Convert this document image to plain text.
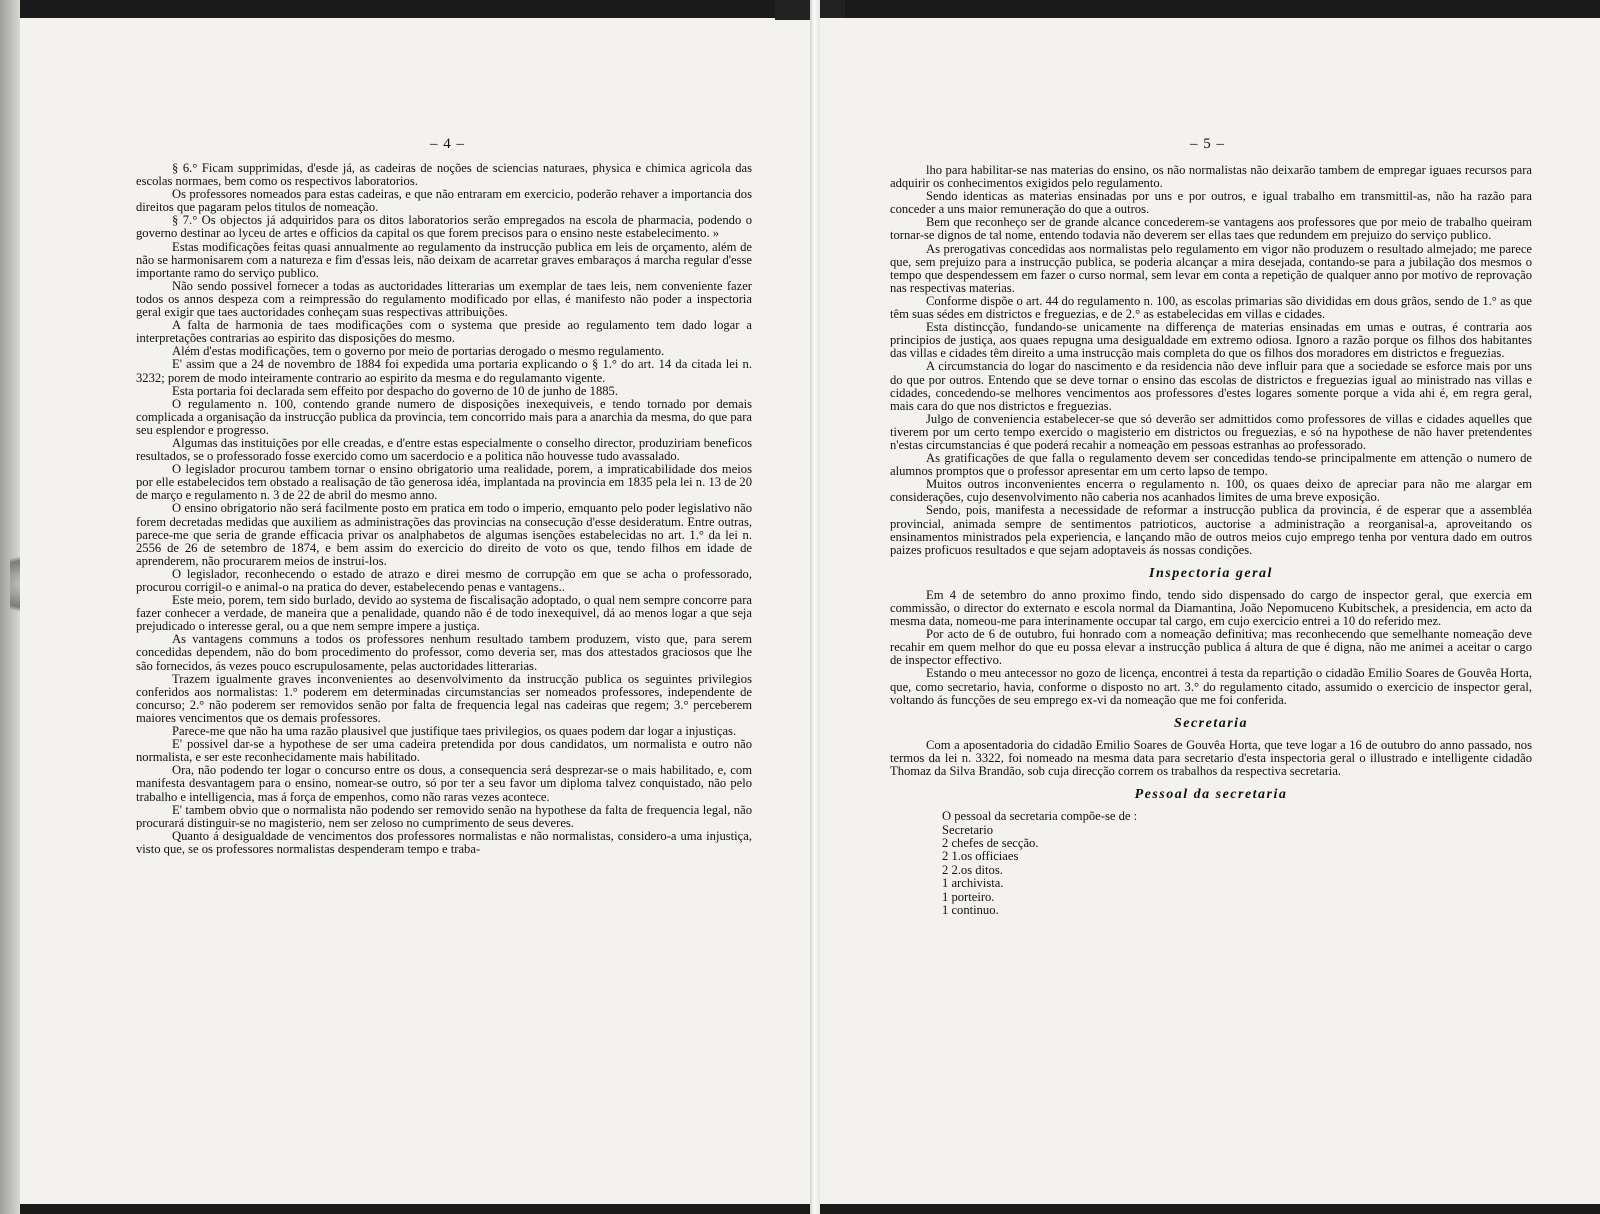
– 4 –

§ 6.° Ficam supprimidas, d'esde já, as cadeiras de noções de sciencias naturaes, physica e chimica agricola das escolas normaes, bem como os respectivos laboratorios.

Os professores nomeados para estas cadeiras, e que não entraram em exercicio, poderão rehaver a importancia dos direitos que pagaram pelos titulos de nomeação.

§ 7.° Os objectos já adquiridos para os ditos laboratorios serão empregados na escola de pharmacia, podendo o governo destinar ao lyceu de artes e officios da capital os que forem precisos para o ensino neste estabelecimento. »

Estas modificações feitas quasi annualmente ao regulamento da instrucção publica em leis de orçamento, além de não se harmonisarem com a natureza e fim d'essas leis, não deixam de acarretar graves embaraços á marcha regular d'esse importante ramo do serviço publico.

Não sendo possivel fornecer a todas as auctoridades litterarias um exemplar de taes leis, nem conveniente fazer todos os annos despeza com a reimpressão do regulamento modificado por ellas, é manifesto não poder a inspectoria geral exigir que taes auctoridades conheçam suas respectivas attribuições.

A falta de harmonia de taes modificações com o systema que preside ao regulamento tem dado logar a interpretações contrarias ao espirito das disposições do mesmo.

Além d'estas modificações, tem o governo por meio de portarias derogado o mesmo regulamento.

E' assim que a 24 de novembro de 1884 foi expedida uma portaria explicando o § 1.° do art. 14 da citada lei n. 3232; porem de modo inteiramente contrario ao espirito da mesma e do regulamanto vigente.

Esta portaria foi declarada sem effeito por despacho do governo de 10 de junho de 1885.

O regulamento n. 100, contendo grande numero de disposições inexequiveis, e tendo tornado por demais complicada a organisação da instrucção publica da provincia, tem concorrido mais para a anarchia da mesma, do que para seu esplendor e progresso.

Algumas das instituições por elle creadas, e d'entre estas especialmente o conselho director, produziriam beneficos resultados, se o professorado fosse exercido como um sacerdocio e a politica não houvesse tudo avassalado.

O legislador procurou tambem tornar o ensino obrigatorio uma realidade, porem, a impraticabilidade dos meios por elle estabelecidos tem obstado a realisação de tão generosa idéa, implantada na provincia em 1835 pela lei n. 13 de 20 de março e regulamento n. 3 de 22 de abril do mesmo anno.

O ensino obrigatorio não será facilmente posto em pratica em todo o imperio, emquanto pelo poder legislativo não forem decretadas medidas que auxiliem as administrações das provincias na consecução d'esse desideratum. Entre outras, parece-me que seria de grande efficacia privar os analphabetos de algumas isenções estabelecidas no art. 1.° da lei n. 2556 de 26 de setembro de 1874, e bem assim do exercicio do direito de voto os que, tendo filhos em idade de aprenderem, não procurarem meios de instrui-los.

O legislador, reconhecendo o estado de atrazo e direi mesmo de corrupção em que se acha o professorado, procurou corrigil-o e animal-o na pratica do dever, estabelecendo penas e vantagens..

Este meio, porem, tem sido burlado, devido ao systema de fiscalisação adoptado, o qual nem sempre concorre para fazer conhecer a verdade, de maneira que a penalidade, quando não é de todo inexequivel, dá ao menos logar a que seja prejudicado o interesse geral, ou a que nem sempre impere a justiça.

As vantagens communs a todos os professores nenhum resultado tambem produzem, visto que, para serem concedidas dependem, não do bom procedimento do professor, como deveria ser, mas dos attestados graciosos que lhe são fornecidos, ás vezes pouco escrupulosamente, pelas auctoridades litterarias.

Trazem igualmente graves inconvenientes ao desenvolvimento da instrucção publica os seguintes privilegios conferidos aos normalistas: 1.° poderem em determinadas circumstancias ser nomeados professores, independente de concurso; 2.° não poderem ser removidos senão por falta de frequencia legal nas cadeiras que regem; 3.° perceberem maiores vencimentos que os demais professores.

Parece-me que não ha uma razão plausivel que justifique taes privilegios, os quaes podem dar logar a injustiças.

E' possivel dar-se a hypothese de ser uma cadeira pretendida por dous candidatos, um normalista e outro não normalista, e ser este reconhecidamente mais habilitado.

Ora, não podendo ter logar o concurso entre os dous, a consequencia será desprezar-se o mais habilitado, e, com manifesta desvantagem para o ensino, nomear-se outro, só por ter a seu favor um diploma talvez conquistado, não pelo trabalho e intelligencia, mas á força de empenhos, como não raras vezes acontece.

E' tambem obvio que o normalista não podendo ser removido senão na hypothese da falta de frequencia legal, não procurará distinguir-se no magisterio, nem ser zeloso no cumprimento de seus deveres.

Quanto á desigualdade de vencimentos dos professores normalistas e não normalistas, considero-a uma injustiça, visto que, se os professores normalistas despenderam tempo e traba-

– 5 –

lho para habilitar-se nas materias do ensino, os não normalistas não deixarão tambem de empregar iguaes recursos para adquirir os conhecimentos exigidos pelo regulamento.

Sendo identicas as materias ensinadas por uns e por outros, e igual trabalho em transmittil-as, não ha razão para conceder a uns maior remuneração do que a outros.

Bem que reconheço ser de grande alcance concederem-se vantagens aos professores que por meio de trabalho queiram tornar-se dignos de tal nome, entendo todavia não deverem ser ellas taes que redundem em prejuizo do serviço publico.

As prerogativas concedidas aos normalistas pelo regulamento em vigor não produzem o resultado almejado; me parece que, sem prejuizo para a instrucção publica, se poderia alcançar a mira desejada, contando-se para a jubilação dos mesmos o tempo que despendessem em fazer o curso normal, sem levar em conta a repetição de qualquer anno por motivo de reprovação nas respectivas materias.

Conforme dispõe o art. 44 do regulamento n. 100, as escolas primarias são divididas em dous grãos, sendo de 1.° as que têm suas sédes em districtos e freguezias, e de 2.° as estabelecidas em villas e cidades.

Esta distincção, fundando-se unicamente na differença de materias ensinadas em umas e outras, é contraria aos principios de justiça, aos quaes repugna uma desigualdade em extremo odiosa. Ignoro a razão porque os filhos dos habitantes das villas e cidades têm direito a uma instrucção mais completa do que os filhos dos moradores em districtos e freguezias.

A circumstancia do logar do nascimento e da residencia não deve influir para que a sociedade se esforce mais por uns do que por outros. Entendo que se deve tornar o ensino das escolas de districtos e freguezias igual ao ministrado nas villas e cidades, concedendo-se melhores vencimentos aos professores d'estes logares somente porque a vida ahi é, em regra geral, mais cara do que nos districtos e freguezias.

Julgo de conveniencia estabelecer-se que só deverão ser admittidos como professores de villas e cidades aquelles que tiverem por um certo tempo exercido o magisterio em districtos ou freguezias, e só na hypothese de não haver pretendentes n'estas circumstancias é que poderá recahir a nomeação em pessoas estranhas ao professorado.

As gratificações de que falla o regulamento devem ser concedidas tendo-se principalmente em attenção o numero de alumnos promptos que o professor apresentar em um certo lapso de tempo.

Muitos outros inconvenientes encerra o regulamento n. 100, os quaes deixo de apreciar para não me alargar em considerações, cujo desenvolvimento não caberia nos acanhados limites de uma breve exposição.

Sendo, pois, manifesta a necessidade de reformar a instrucção publica da provincia, é de esperar que a assembléa provincial, animada sempre de sentimentos patrioticos, auctorise a administração a reorganisal-a, aproveitando os ensinamentos ministrados pela experiencia, e lançando mão de outros meios cujo emprego tenha por ventura dado em outros paizes proficuos resultados e que sejam adoptaveis ás nossas condições.

Inspectoria geral

Em 4 de setembro do anno proximo findo, tendo sido dispensado do cargo de inspector geral, que exercia em commissão, o director do externato e escola normal da Diamantina, João Nepomuceno Kubitschek, a presidencia, em acto da mesma data, nomeou-me para interinamente occupar tal cargo, em cujo exercicio entrei a 10 do referido mez.

Por acto de 6 de outubro, fui honrado com a nomeação definitiva; mas reconhecendo que semelhante nomeação deve recahir em quem melhor do que eu possa elevar a instrucção publica á altura de que é digna, não me animei a aceitar o cargo de inspector effectivo.

Estando o meu antecessor no gozo de licença, encontrei á testa da repartição o cidadão Emilio Soares de Gouvêa Horta, que, como secretario, havia, conforme o disposto no art. 3.° do regulamento citado, assumido o exercicio de inspector geral, voltando ás funcções de seu emprego ex-vi da nomeação que me foi conferida.

Secretaria

Com a aposentadoria do cidadão Emilio Soares de Gouvêa Horta, que teve logar a 16 de outubro do anno passado, nos termos da lei n. 3322, foi nomeado na mesma data para secretario d'esta inspectoria geral o illustrado e intelligente cidadão Thomaz da Silva Brandão, sob cuja direcção correm os trabalhos da respectiva secretaria.

Pessoal da secretaria
O pessoal da secretaria compõe-se de :
Secretario
2 chefes de secção.
2 1.os officiaes
2 2.os ditos.
1 archivista.
1 porteiro.
1 continuo.
